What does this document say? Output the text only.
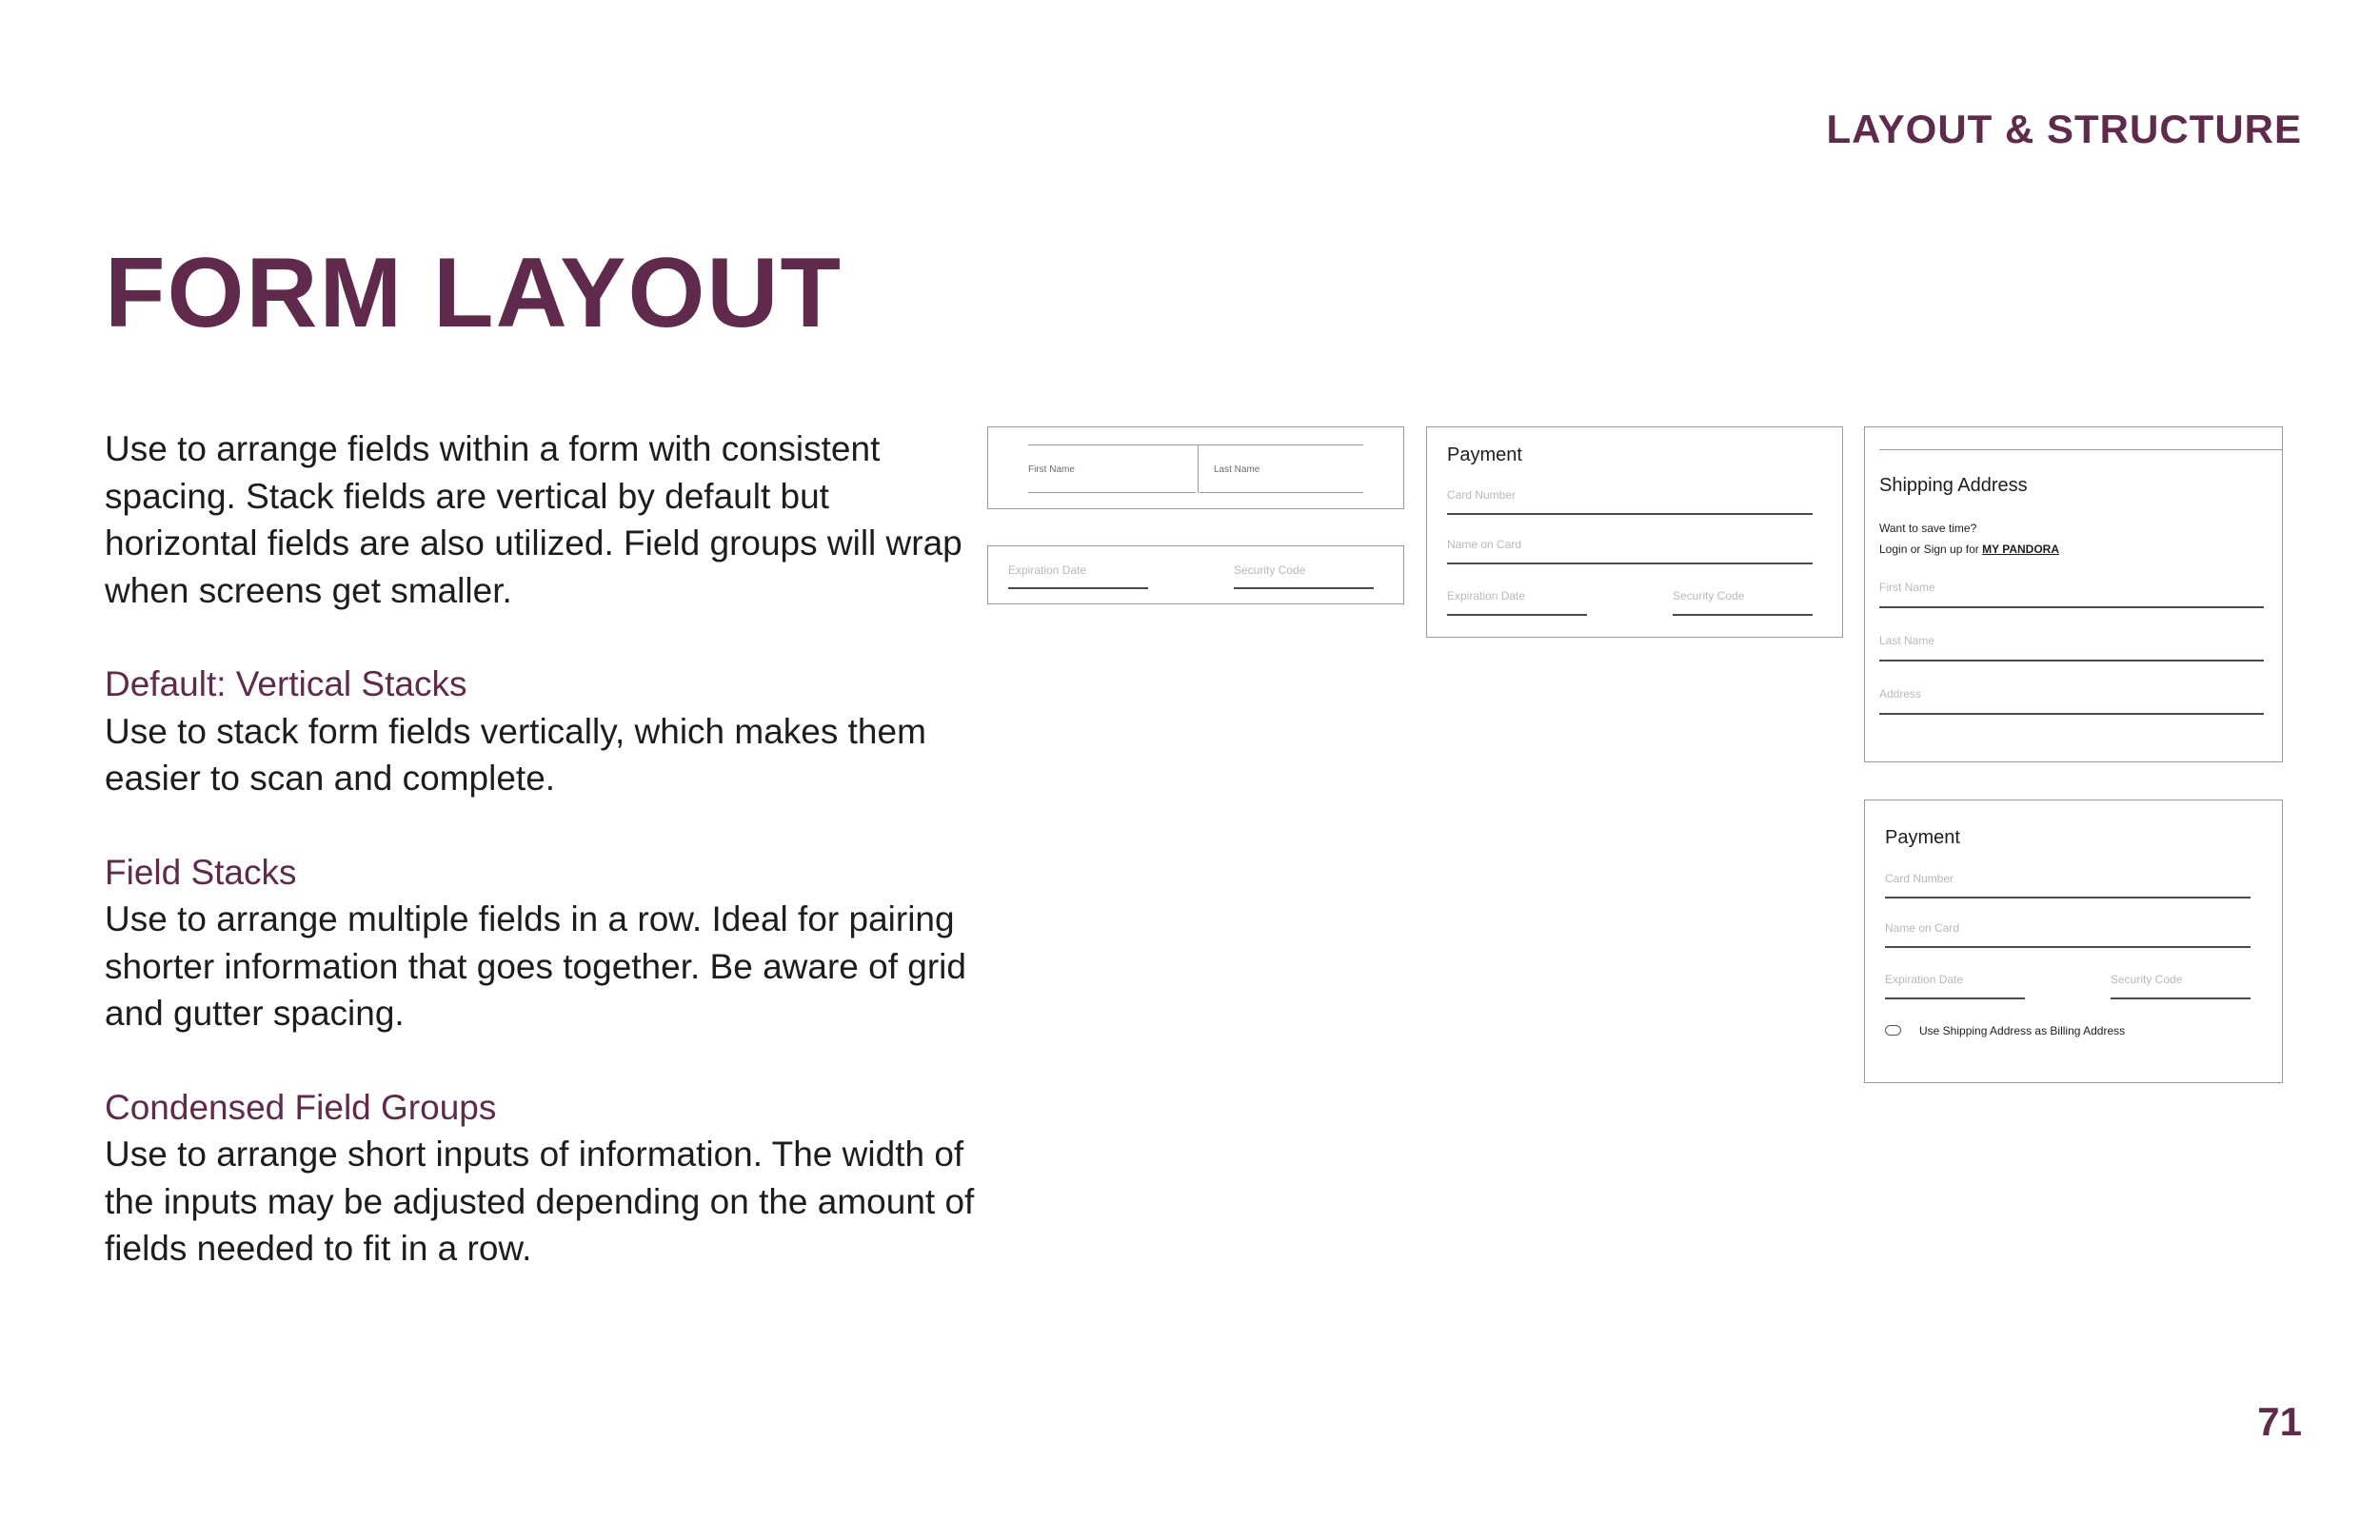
LAYOUT & STRUCTURE
FORM LAYOUT

Use to arrange fields within a form with consistent spacing. Stack fields are vertical by default but horizontal fields are also utilized. Field groups will wrap when screens get smaller.

Default: Vertical Stacks

Use to stack form fields vertically, which makes them easier to scan and complete.

Field Stacks

Use to arrange multiple fields in a row. Ideal for pairing shorter information that goes together. Be aware of grid and gutter spacing.

Condensed Field Groups

Use to arrange short inputs of information. The width of the inputs may be adjusted depending on the amount of fields needed to fit in a row.

First Name	Last Name
Expiration Date	Security Code
Payment
Card Number
Name on Card
Expiration Date	Security Code
Shipping Address
Want to save time?
Login or Sign up for MY PANDORA
First Name
Last Name
Address
Payment
Card Number
Name on Card
Expiration Date	Security Code
Use Shipping Address as Billing Address
71
